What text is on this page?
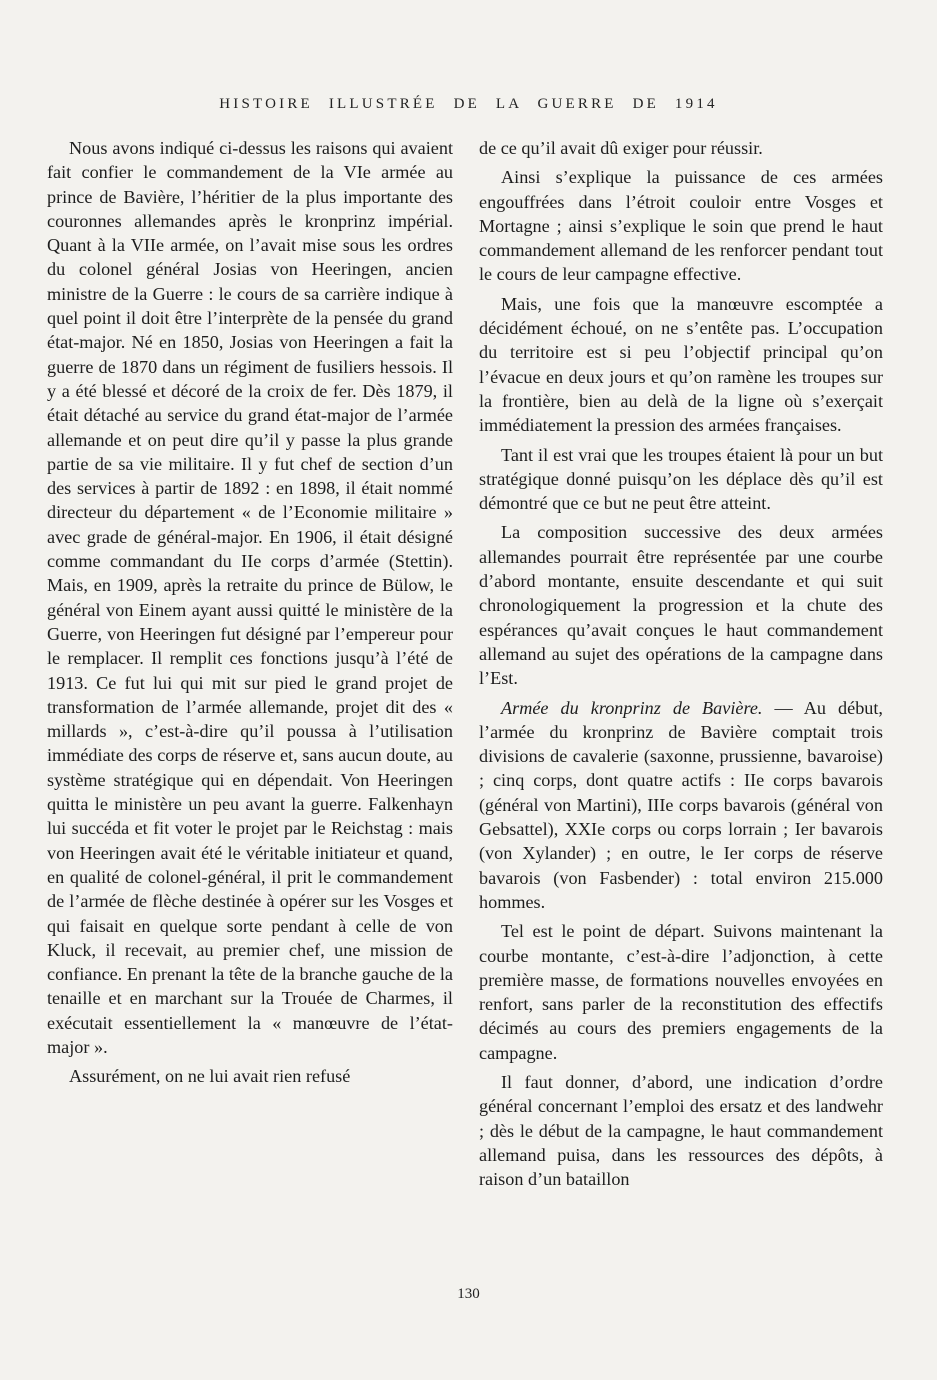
HISTOIRE ILLUSTRÉE DE LA GUERRE DE 1914

Nous avons indiqué ci-dessus les raisons qui avaient fait confier le commandement de la VIe armée au prince de Bavière, l’héritier de la plus importante des couronnes allemandes après le kronprinz impérial. Quant à la VIIe armée, on l’avait mise sous les ordres du colonel général Josias von Heeringen, ancien ministre de la Guerre : le cours de sa carrière indique à quel point il doit être l’interprète de la pensée du grand état-major. Né en 1850, Josias von Heeringen a fait la guerre de 1870 dans un régiment de fusiliers hessois. Il y a été blessé et décoré de la croix de fer. Dès 1879, il était détaché au service du grand état-major de l’armée allemande et on peut dire qu’il y passe la plus grande partie de sa vie militaire. Il y fut chef de section d’un des services à partir de 1892 : en 1898, il était nommé directeur du département « de l’Economie militaire » avec grade de général-major. En 1906, il était désigné comme commandant du IIe corps d’armée (Stettin). Mais, en 1909, après la retraite du prince de Bülow, le général von Einem ayant aussi quitté le ministère de la Guerre, von Heeringen fut désigné par l’empereur pour le remplacer. Il remplit ces fonctions jusqu’à l’été de 1913. Ce fut lui qui mit sur pied le grand projet de transformation de l’armée allemande, projet dit des « millards », c’est-à-dire qu’il poussa à l’utilisation immédiate des corps de réserve et, sans aucun doute, au système stratégique qui en dépendait. Von Heeringen quitta le ministère un peu avant la guerre. Falkenhayn lui succéda et fit voter le projet par le Reichstag : mais von Heeringen avait été le véritable initiateur et quand, en qualité de colonel-général, il prit le commandement de l’armée de flèche destinée à opérer sur les Vosges et qui faisait en quelque sorte pendant à celle de von Kluck, il recevait, au premier chef, une mission de confiance. En prenant la tête de la branche gauche de la tenaille et en marchant sur la Trouée de Charmes, il exécutait essentiellement la « manœuvre de l’état-major ».

Assurément, on ne lui avait rien refusé

de ce qu’il avait dû exiger pour réussir.

Ainsi s’explique la puissance de ces armées engouffrées dans l’étroit couloir entre Vosges et Mortagne ; ainsi s’explique le soin que prend le haut commandement allemand de les renforcer pendant tout le cours de leur campagne effective.

Mais, une fois que la manœuvre escomptée a décidément échoué, on ne s’entête pas. L’occupation du territoire est si peu l’objectif principal qu’on l’évacue en deux jours et qu’on ramène les troupes sur la frontière, bien au delà de la ligne où s’exerçait immédiatement la pression des armées françaises.

Tant il est vrai que les troupes étaient là pour un but stratégique donné puisqu’on les déplace dès qu’il est démontré que ce but ne peut être atteint.

La composition successive des deux armées allemandes pourrait être représentée par une courbe d’abord montante, ensuite descendante et qui suit chronologiquement la progression et la chute des espérances qu’avait conçues le haut commandement allemand au sujet des opérations de la campagne dans l’Est.

Armée du kronprinz de Bavière. — Au début, l’armée du kronprinz de Bavière comptait trois divisions de cavalerie (saxonne, prussienne, bavaroise) ; cinq corps, dont quatre actifs : IIe corps bavarois (général von Martini), IIIe corps bavarois (général von Gebsattel), XXIe corps ou corps lorrain ; Ier bavarois (von Xylander) ; en outre, le Ier corps de réserve bavarois (von Fasbender) : total environ 215.000 hommes.

Tel est le point de départ. Suivons maintenant la courbe montante, c’est-à-dire l’adjonction, à cette première masse, de formations nouvelles envoyées en renfort, sans parler de la reconstitution des effectifs décimés au cours des premiers engagements de la campagne.

Il faut donner, d’abord, une indication d’ordre général concernant l’emploi des ersatz et des landwehr ; dès le début de la campagne, le haut commandement allemand puisa, dans les ressources des dépôts, à raison d’un bataillon

130
